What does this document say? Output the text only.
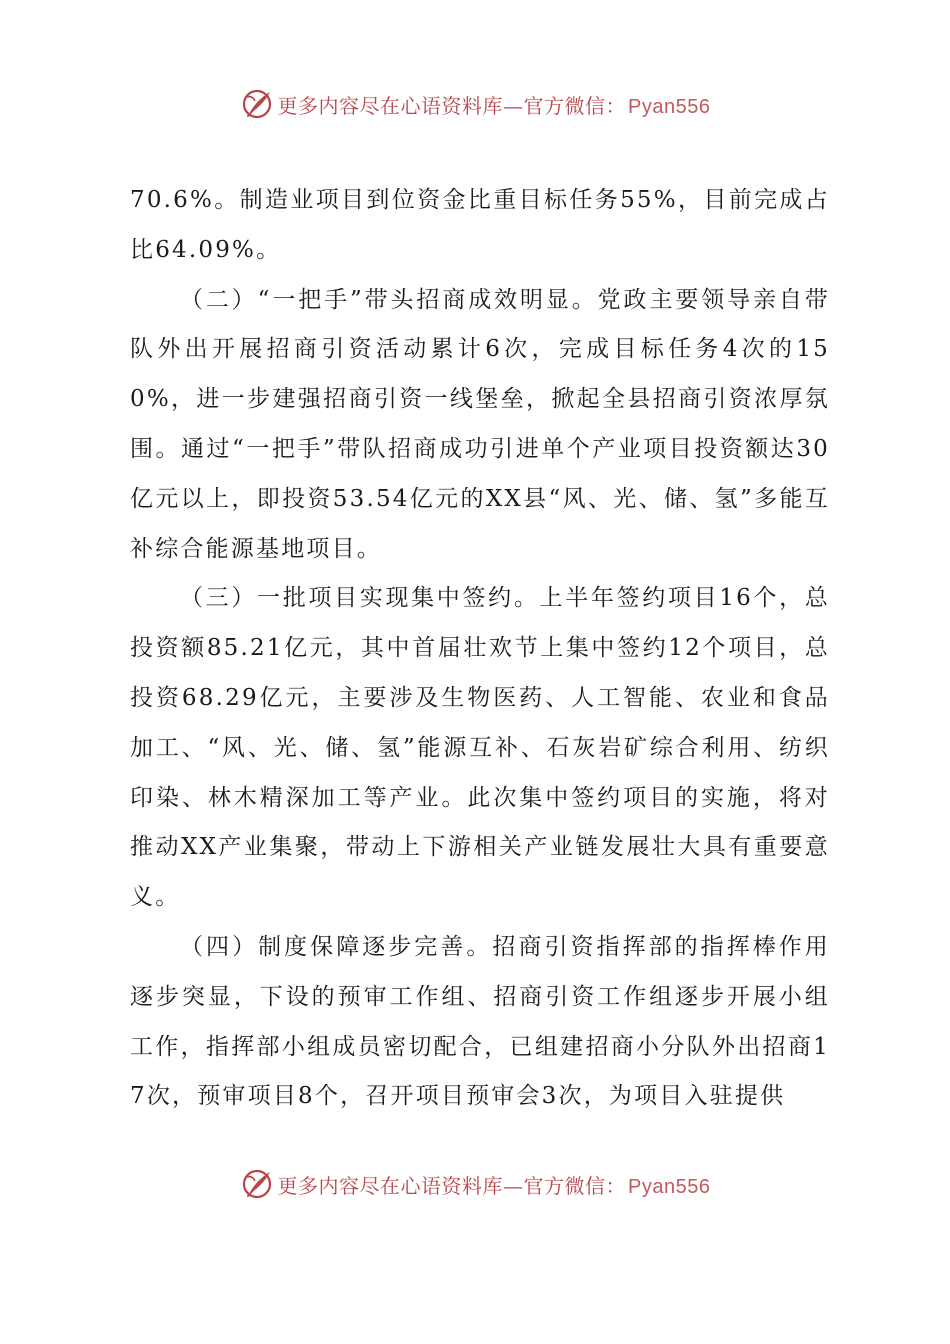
更多内容尽在心语资料库—官方微信： Pyan556

70.6%。制造业项目到位资金比重目标任务55%，目前完成占比64.09%。

（二）“一把手”带头招商成效明显。党政主要领导亲自带队外出开展招商引资活动累计6次，完成目标任务4次的150%，进一步建强招商引资一线堡垒，掀起全县招商引资浓厚氛围。通过“一把手”带队招商成功引进单个产业项目投资额达30亿元以上，即投资53.54亿元的XX县“风、光、储、氢”多能互补综合能源基地项目。

（三）一批项目实现集中签约。上半年签约项目16个，总投资额85.21亿元，其中首届壮欢节上集中签约12个项目，总投资68.29亿元，主要涉及生物医药、人工智能、农业和食品加工、“风、光、储、氢”能源互补、石灰岩矿综合利用、纺织印染、林木精深加工等产业。此次集中签约项目的实施，将对推动XX产业集聚，带动上下游相关产业链发展壮大具有重要意义。

（四）制度保障逐步完善。招商引资指挥部的指挥棒作用逐步突显，下设的预审工作组、招商引资工作组逐步开展小组工作，指挥部小组成员密切配合，已组建招商小分队外出招商17次，预审项目8个，召开项目预审会3次，为项目入驻提供

更多内容尽在心语资料库—官方微信： Pyan556
